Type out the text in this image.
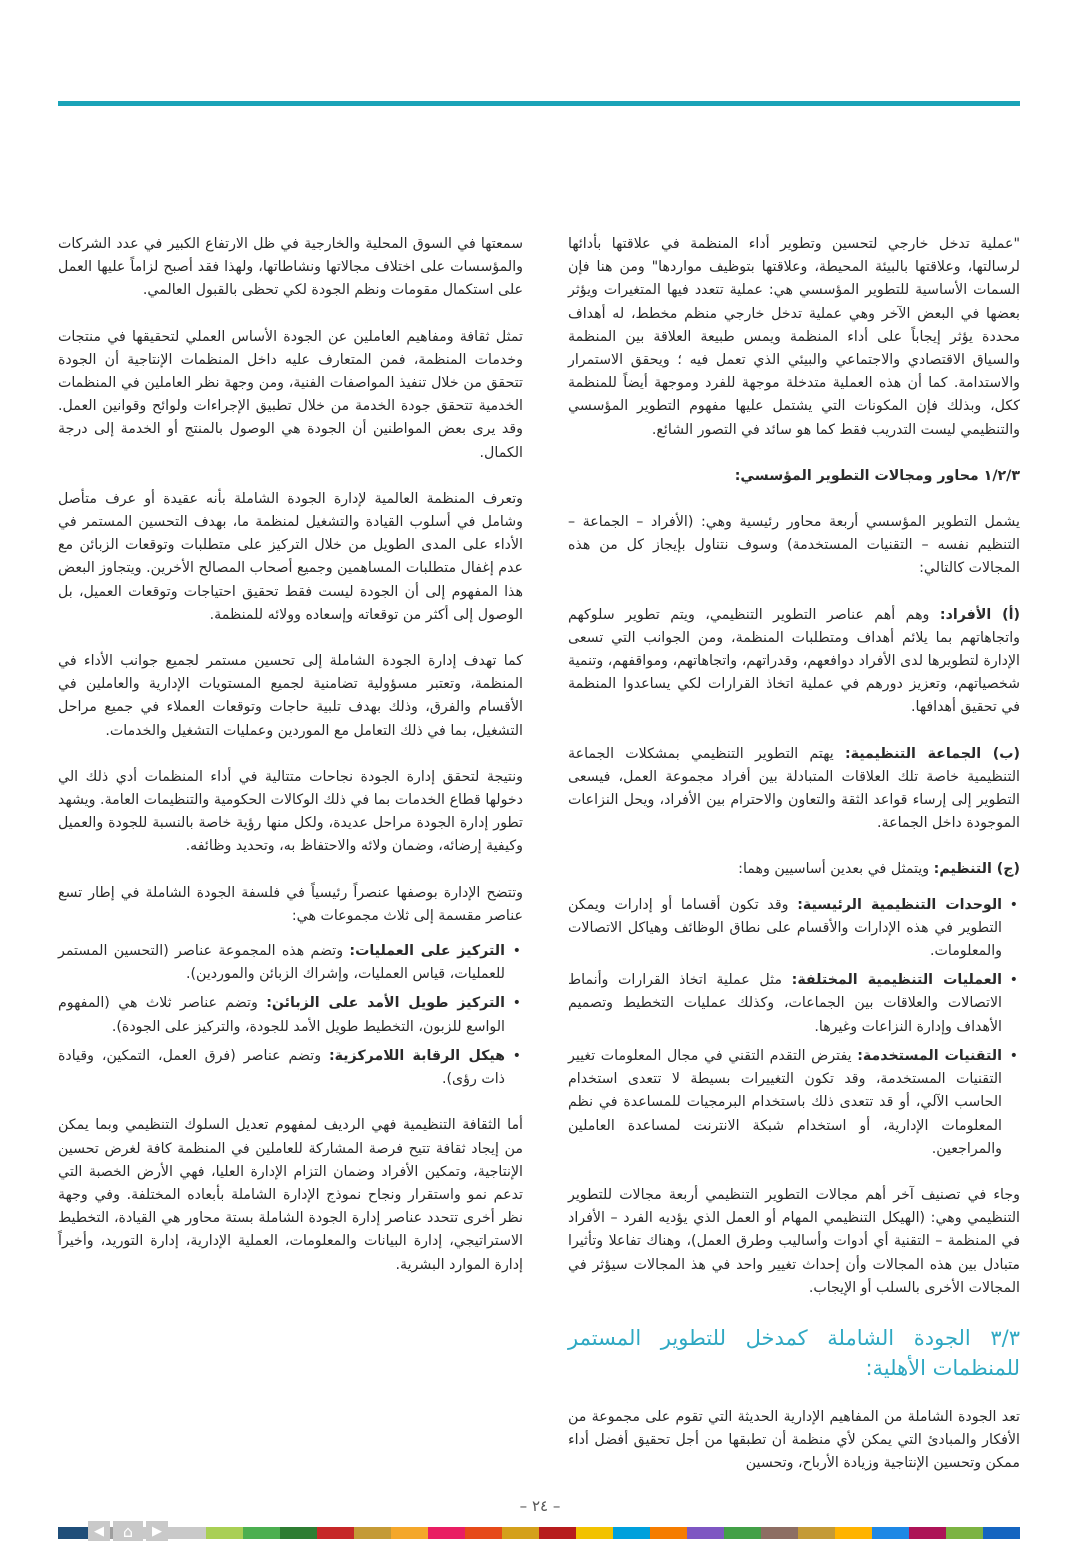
"عملية تدخل خارجي لتحسين وتطوير أداء المنظمة في علاقتها بأدائها لرسالتها، وعلاقتها بالبيئة المحيطة، وعلاقتها بتوظيف مواردها" ومن هنا فإن السمات الأساسية للتطوير المؤسسي هي: عملية تتعدد فيها المتغيرات ويؤثر بعضها في البعض الآخر وهي عملية تدخل خارجي منظم مخطط، له أهداف محددة يؤثر إيجاباً على أداء المنظمة ويمس طبيعة العلاقة بين المنظمة والسياق الاقتصادي والاجتماعي والبيئي الذي تعمل فيه ؛ ويحقق الاستمرار والاستدامة. كما أن هذه العملية متدخلة موجهة للفرد وموجهة أيضاً للمنظمة ككل، وبذلك فإن المكونات التي يشتمل عليها مفهوم التطوير المؤسسي والتنظيمي ليست التدريب فقط كما هو سائد في التصور الشائع.

١/٢/٣ محاور ومجالات التطوير المؤسسي:

يشمل التطوير المؤسسي أربعة محاور رئيسية وهي: (الأفراد – الجماعة – التنظيم نفسه – التقنيات المستخدمة) وسوف نتناول بإيجاز كل من هذه المجالات كالتالي:

(أ) الأفراد: وهم أهم عناصر التطوير التنظيمي، ويتم تطوير سلوكهم واتجاهاتهم بما يلائم أهداف ومتطلبات المنظمة، ومن الجوانب التي تسعى الإدارة لتطويرها لدى الأفراد دوافعهم، وقدراتهم، واتجاهاتهم، ومواقفهم، وتنمية شخصياتهم، وتعزيز دورهم في عملية اتخاذ القرارات لكي يساعدوا المنظمة في تحقيق أهدافها.

(ب) الجماعة التنظيمية: يهتم التطوير التنظيمي بمشكلات الجماعة التنظيمية خاصة تلك العلاقات المتبادلة بين أفراد مجموعة العمل، فيسعى التطوير إلى إرساء قواعد الثقة والتعاون والاحترام بين الأفراد، ويحل النزاعات الموجودة داخل الجماعة.

(ج) التنظيم: ويتمثل في بعدين أساسيين وهما:

• الوحدات التنظيمية الرئيسية: وقد تكون أقساما أو إدارات ويمكن التطوير في هذه الإدارات والأقسام على نطاق الوظائف وهياكل الاتصالات والمعلومات.
• العمليات التنظيمية المختلفة: مثل عملية اتخاذ القرارات وأنماط الاتصالات والعلاقات بين الجماعات، وكذلك عمليات التخطيط وتصميم الأهداف وإدارة النزاعات وغيرها.
• التقنيات المستخدمة: يفترض التقدم التقني في مجال المعلومات تغيير التقنيات المستخدمة، وقد تكون التغييرات بسيطة لا تتعدى استخدام الحاسب الآلي، أو قد تتعدى ذلك باستخدام البرمجيات للمساعدة في نظم المعلومات الإدارية، أو استخدام شبكة الانترنت لمساعدة العاملين والمراجعين.

وجاء في تصنيف آخر أهم مجالات التطوير التنظيمي أربعة مجالات للتطوير التنظيمي وهي: (الهيكل التنظيمي المهام أو العمل الذي يؤديه الفرد – الأفراد في المنظمة – التقنية أي أدوات وأساليب وطرق العمل)، وهناك تفاعلا وتأثيرا متبادل بين هذه المجالات وأن إحداث تغيير واحد في هذ المجالات سيؤثر في المجالات الأخرى بالسلب أو الإيجاب.

٣/٣ الجودة الشاملة كمدخل للتطوير المستمر للمنظمات الأهلية:

تعد الجودة الشاملة من المفاهيم الإدارية الحديثة التي تقوم على مجموعة من الأفكار والمبادئ التي يمكن لأي منظمة أن تطبقها من أجل تحقيق أفضل أداء ممكن وتحسين الإنتاجية وزيادة الأرباح، وتحسين

سمعتها في السوق المحلية والخارجية في ظل الارتفاع الكبير في عدد الشركات والمؤسسات على اختلاف مجالاتها ونشاطاتها، ولهذا فقد أصبح لزاماً عليها العمل على استكمال مقومات ونظم الجودة لكي تحظى بالقبول العالمي.

تمثل ثقافة ومفاهيم العاملين عن الجودة الأساس العملي لتحقيقها في منتجات وخدمات المنظمة، فمن المتعارف عليه داخل المنظمات الإنتاجية أن الجودة تتحقق من خلال تنفيذ المواصفات الفنية، ومن وجهة نظر العاملين في المنظمات الخدمية تتحقق جودة الخدمة من خلال تطبيق الإجراءات ولوائح وقوانين العمل. وقد يرى بعض المواطنين أن الجودة هي الوصول بالمنتج أو الخدمة إلى درجة الكمال.

وتعرف المنظمة العالمية لإدارة الجودة الشاملة بأنه عقيدة أو عرف متأصل وشامل في أسلوب القيادة والتشغيل لمنظمة ما، بهدف التحسين المستمر في الأداء على المدى الطويل من خلال التركيز على متطلبات وتوقعات الزبائن مع عدم إغفال متطلبات المساهمين وجميع أصحاب المصالح الأخرين. ويتجاوز البعض هذا المفهوم إلى أن الجودة ليست فقط تحقيق احتياجات وتوقعات العميل، بل الوصول إلى أكثر من توقعاته وإسعاده وولائه للمنظمة.

كما تهدف إدارة الجودة الشاملة إلى تحسين مستمر لجميع جوانب الأداء في المنظمة، وتعتبر مسؤولية تضامنية لجميع المستويات الإدارية والعاملين في الأقسام والفرق، وذلك بهدف تلبية حاجات وتوقعات العملاء في جميع مراحل التشغيل، بما في ذلك التعامل مع الموردين وعمليات التشغيل والخدمات.

ونتيجة لتحقق إدارة الجودة نجاحات متتالية في أداء المنظمات أدي ذلك الي دخولها قطاع الخدمات بما في ذلك الوكالات الحكومية والتنظيمات العامة. ويشهد تطور إدارة الجودة مراحل عديدة، ولكل منها رؤية خاصة بالنسبة للجودة والعميل وكيفية إرضائه، وضمان ولائه والاحتفاظ به، وتحديد وظائفه.

وتتضح الإدارة بوصفها عنصراً رئيسياً في فلسفة الجودة الشاملة في إطار تسع عناصر مقسمة إلى ثلاث مجموعات هي:

• التركيز على العمليات: وتضم هذه المجموعة عناصر (التحسين المستمر للعمليات، قياس العمليات، وإشراك الزبائن والموردين).
• التركيز طويل الأمد على الزبائن: وتضم عناصر ثلاث هي (المفهوم الواسع للزبون، التخطيط طويل الأمد للجودة، والتركيز على الجودة).
• هيكل الرقابة اللامركزية: وتضم عناصر (فرق العمل، التمكين، وقيادة ذات رؤى).

أما الثقافة التنظيمية فهي الرديف لمفهوم تعديل السلوك التنظيمي وبما يمكن من إيجاد ثقافة تتيح فرصة المشاركة للعاملين في المنظمة كافة لغرض تحسين الإنتاجية، وتمكين الأفراد وضمان التزام الإدارة العليا، فهي الأرض الخصبة التي تدعم نمو واستقرار ونجاح نموذج الإدارة الشاملة بأبعاده المختلفة. وفي وجهة نظر أخرى تتحدد عناصر إدارة الجودة الشاملة بستة محاور هي القيادة، التخطيط الاستراتيجي، إدارة البيانات والمعلومات، العملية الإدارية، إدارة التوريد، وأخيراً إدارة الموارد البشرية.

– ٢٤ –
◀ ⌂ ▶
